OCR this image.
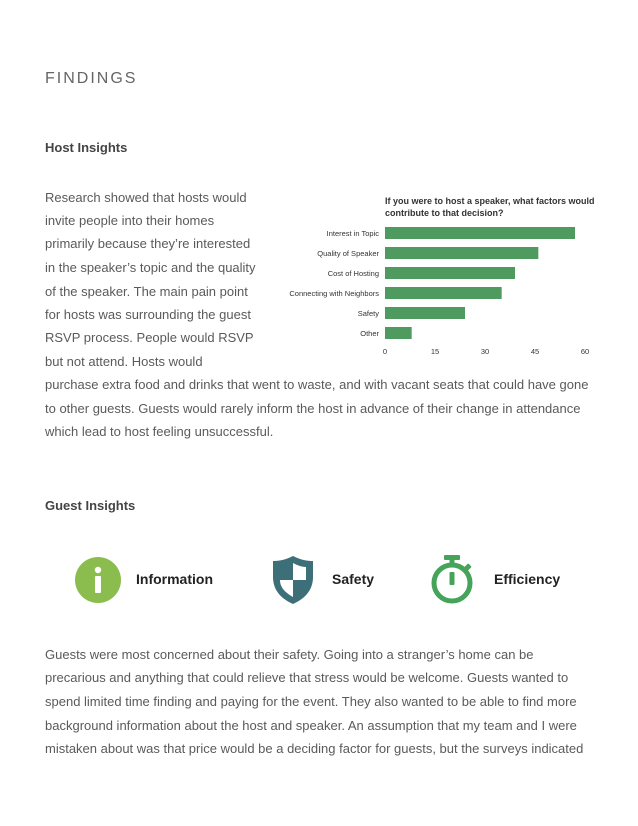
FINDINGS
Host Insights
Research showed that hosts would
invite people into their homes
primarily because they’re interested
in the speaker’s topic and the quality
of the speaker. The main pain point
for hosts was surrounding the guest
RSVP process. People would RSVP
but not attend. Hosts would
purchase extra food and drinks that went to waste, and with vacant seats that could have gone
to other guests. Guests would rarely inform the host in advance of their change in attendance
which lead to host feeling unsuccessful.
If you were to host a speaker, what factors would
contribute to that decision?
Interest in Topic
Quality of Speaker
Cost of Hosting
Connecting with Neighbors
Safety
Other
0	15	30	45	60
Guest Insights
Information	Safety	Efficiency
Guests were most concerned about their safety. Going into a stranger’s home can be
precarious and anything that could relieve that stress would be welcome. Guests wanted to
spend limited time finding and paying for the event. They also wanted to be able to find more
background information about the host and speaker. An assumption that my team and I were
mistaken about was that price would be a deciding factor for guests, but the surveys indicated
